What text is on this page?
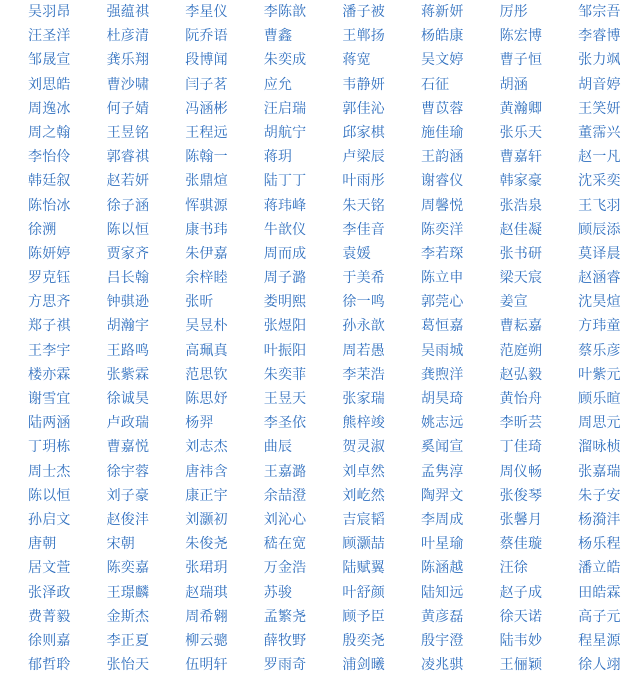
吴羽昂	强蕴祺	李星仪	李陈歆	潘子被	蒋新妍	厉彤	邹宗吾
汪圣洋	杜彦清	阮乔语	曹鑫	王郸扬	杨皓康	陈宏博	李睿博
邹晟宣	龚乐翔	段博闻	朱奕成	蒋宽	吴文婷	曹子恒	张力飒
刘思皓	曹沙啸	闫子茗	应允	韦静妍	石征	胡涵	胡音婷
周逸冰	何子婧	冯涵彬	汪启瑞	郭佳沁	曹苡蓉	黄瀚卿	王笑妍
周之翰	王昱铭	王程远	胡航宁	邱家棋	施佳瑜	张乐天	董霈兴
李怡伶	郭睿祺	陈翰一	蒋玥	卢梁辰	王韵涵	曹嘉轩	赵一凡
韩廷叙	赵若妍	张鼎煊	陆丁丁	叶雨彤	谢睿仪	韩家豪	沈采奕
陈怡冰	徐子涵	恽骐源	蒋玮峰	朱天铭	周馨悦	张浩泉	王飞羽
徐溯	陈以恒	康书玮	牛歆仪	李佳音	陈奕洋	赵佳凝	顾辰添
陈妍婷	贾家齐	朱伊嘉	周而成	袁媛	李若琛	张书研	莫译晨
罗克钰	吕长翰	余梓睦	周子潞	于美希	陈立申	梁天宸	赵涵睿
方思齐	钟骐逊	张昕	娄明熙	徐一鸣	郭莞心	姜宣	沈昊煊
郑子祺	胡瀚宇	吴昱朴	张煜阳	孙永歆	葛恒嘉	曹耘嘉	方玮童
王李宇	王路鸣	高珮真	叶振阳	周若愚	吴雨城	范庭朔	蔡乐彦
楼亦霖	张紫霖	范思钦	朱奕菲	李茉浩	龚煦洋	赵弘毅	叶紫元
谢雪宜	徐诚昊	陈思妤	王昱天	张家瑞	胡昊琦	黄怡舟	顾乐暄
陆两涵	卢政瑞	杨羿	李圣依	熊梓竣	姚志远	李昕芸	周思元
丁玥栋	曹嘉悦	刘志杰	曲辰	贺灵淑	奚闻宣	丁佳琦	溜咏桢
周士杰	徐宇蓉	唐祎含	王嘉潞	刘卓然	孟隽淳	周仪畅	张嘉瑞
陈以恒	刘子豪	康正宇	余喆澄	刘屹然	陶羿文	张俊琴	朱子安
孙启文	赵俊沣	刘灏初	刘沁心	吉宸韬	李周成	张馨月	杨漪沣
唐朝	宋朝	朱俊尧	嵇在宽	顾灏喆	叶星瑜	蔡佳璇	杨乐程
居文萱	陈奕嘉	张珺玥	万金浩	陆赋翼	陈涵越	汪徐	潘立皓
张泽政	王璟麟	赵瑞琪	苏骏	叶舒颜	陆知远	赵子成	田皓霖
费菁毅	金斯杰	周希翱	孟繁尧	顾予臣	黄彦磊	徐天诺	高子元
徐则嘉	李正夏	柳云骢	薛牧野	殷奕尧	殷宇澄	陆韦妙	程星源
郁哲聆	张怡天	伍明轩	罗雨奇	浦剑曦	凌兆骐	王俪颖	徐人翊
